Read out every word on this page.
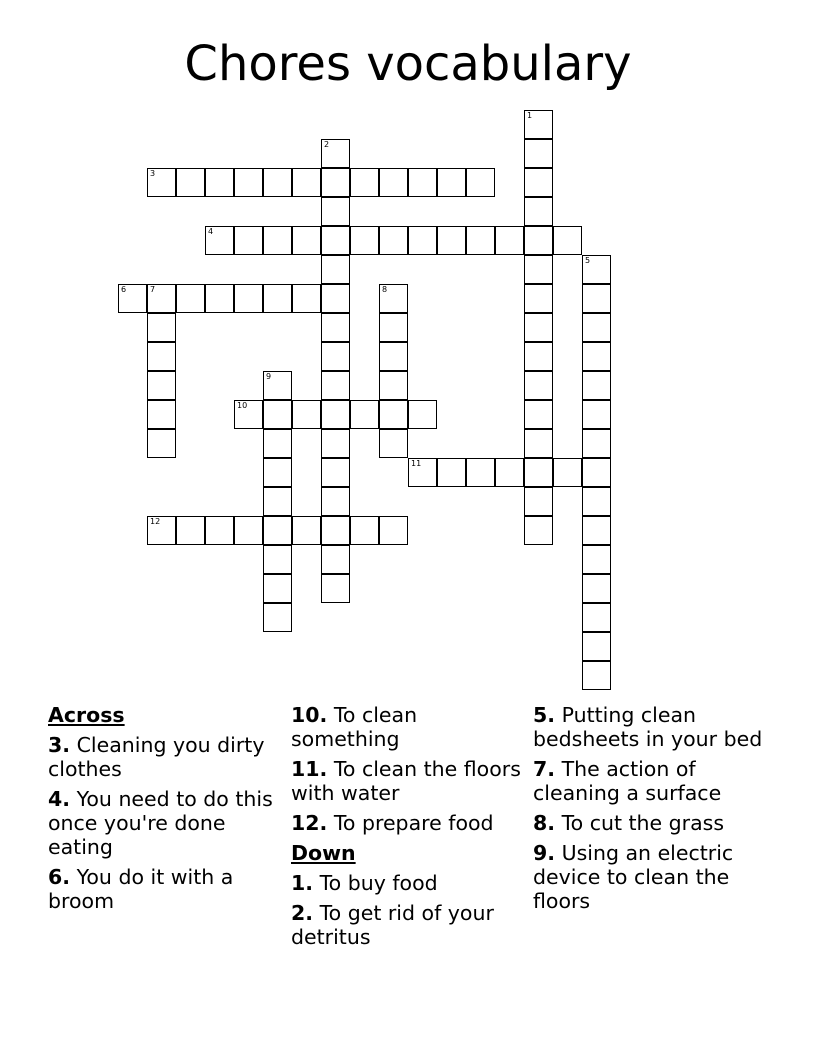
Chores vocabulary
1
2
3
4
5
6	7	8
9
10
11
12
Across
3. Cleaning you dirty clothes
4. You need to do this once you're done eating
6. You do it with a broom
10. To clean something
11. To clean the floors with water
12. To prepare food
Down
1. To buy food
2. To get rid of your detritus
5. Putting clean bedsheets in your bed
7. The action of cleaning a surface
8. To cut the grass
9. Using an electric device to clean the floors
